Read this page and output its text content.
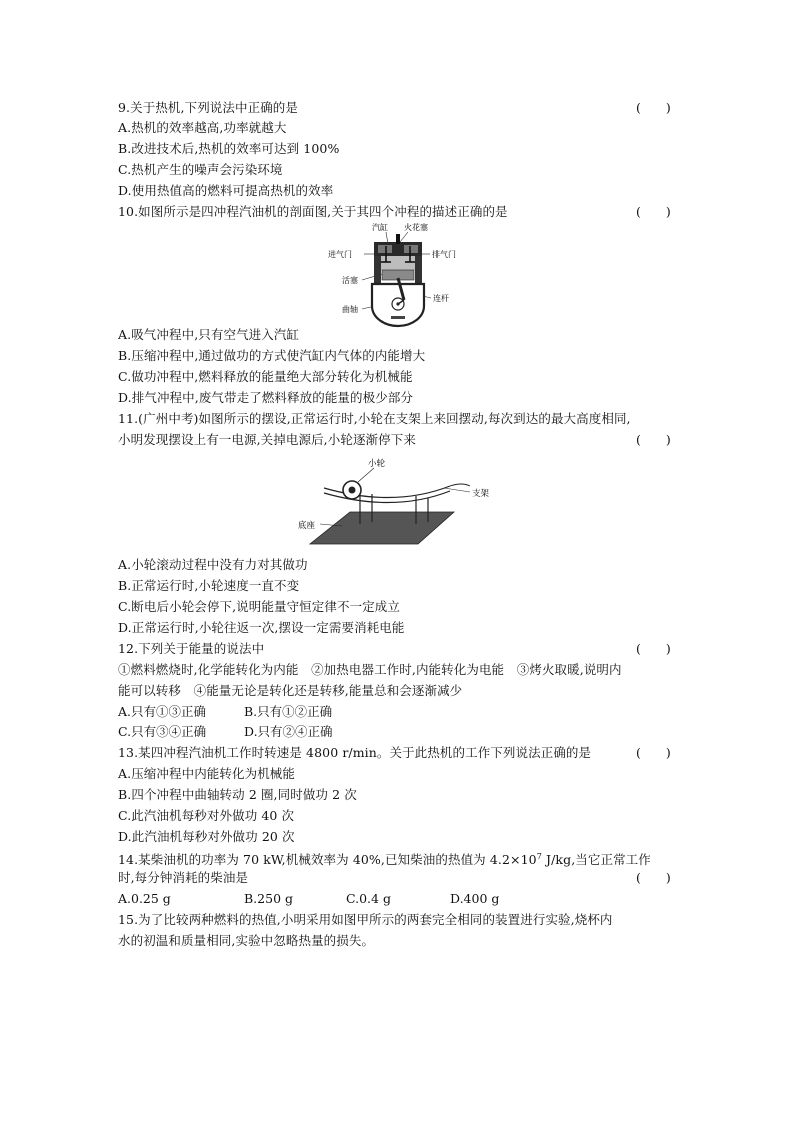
9.关于热机,下列说法中正确的是	(　　)
A.热机的效率越高,功率就越大
B.改进技术后,热机的效率可达到 100%
C.热机产生的噪声会污染环境
D.使用热值高的燃料可提高热机的效率
10.如图所示是四冲程汽油机的剖面图,关于其四个冲程的描述正确的是	(　　)
汽缸 火花塞
进气门	排气门
活塞
连杆
曲轴
A.吸气冲程中,只有空气进入汽缸
B.压缩冲程中,通过做功的方式使汽缸内气体的内能增大
C.做功冲程中,燃料释放的能量绝大部分转化为机械能
D.排气冲程中,废气带走了燃料释放的能量的极少部分
11.(广州中考)如图所示的摆设,正常运行时,小轮在支架上来回摆动,每次到达的最大高度相同,
小明发现摆设上有一电源,关掉电源后,小轮逐渐停下来	(　　)
小轮
支架
底座
A.小轮滚动过程中没有力对其做功
B.正常运行时,小轮速度一直不变
C.断电后小轮会停下,说明能量守恒定律不一定成立
D.正常运行时,小轮往返一次,摆设一定需要消耗电能
12.下列关于能量的说法中	(　　)
①燃料燃烧时,化学能转化为内能　②加热电器工作时,内能转化为电能　③烤火取暖,说明内
能可以转移　④能量无论是转化还是转移,能量总和会逐渐减少
A.只有①③正确	B.只有①②正确
C.只有③④正确	D.只有②④正确
13.某四冲程汽油机工作时转速是 4800 r/min。关于此热机的工作下列说法正确的是	(　　)
A.压缩冲程中内能转化为机械能
B.四个冲程中曲轴转动 2 圈,同时做功 2 次
C.此汽油机每秒对外做功 40 次
D.此汽油机每秒对外做功 20 次
14.某柴油机的功率为 70 kW,机械效率为 40%,已知柴油的热值为 $4.2\times 10^7$ J/kg,当它正常工作
时,每分钟消耗的柴油是	(　　)
A.0.25 g	B.250 g	C.0.4 g	D.400 g
15.为了比较两种燃料的热值,小明采用如图甲所示的两套完全相同的装置进行实验,烧杯内
水的初温和质量相同,实验中忽略热量的损失。
